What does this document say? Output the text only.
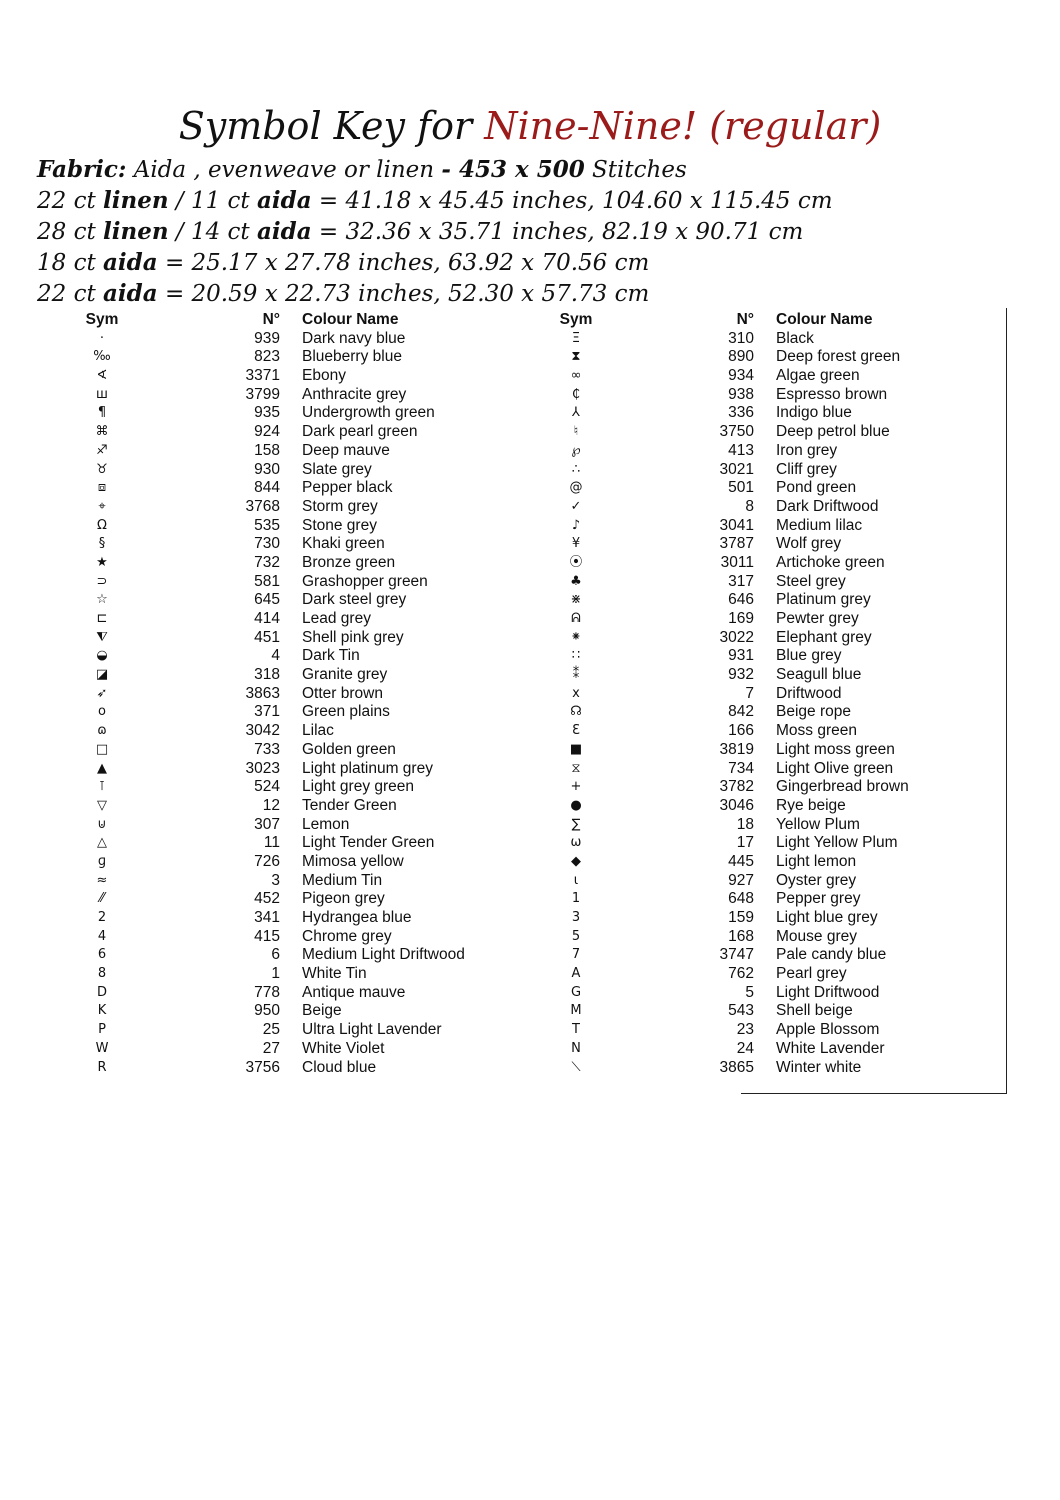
Symbol Key for Nine-Nine! (regular)
Fabric: Aida , evenweave or linen - 453 x 500 Stitches
22 ct linen / 11 ct aida = 41.18 x 45.45 inches, 104.60 x 115.45 cm
28 ct linen / 14 ct aida = 32.36 x 35.71 inches, 82.19 x 90.71 cm
18 ct aida = 25.17 x 27.78 inches, 63.92 x 70.56 cm
22 ct aida = 20.59 x 22.73 inches, 52.30 x 57.73 cm
Sym	N° Colour Name
·	939 Dark navy blue
‰	823 Blueberry blue
∢	3371 Ebony
ш	3799 Anthracite grey
¶	935 Undergrowth green
⌘	924 Dark pearl green
♐	158 Deep mauve
♉	930 Slate grey
⧈	844 Pepper black
⌖	3768 Storm grey
Ω	535 Stone grey
§	730 Khaki green
★	732 Bronze green
⊃	581 Grashopper green
☆	645 Dark steel grey
⊏	414 Lead grey
⧨	451 Shell pink grey
◒	4 Dark Tin
◪	318 Granite grey
➶	3863 Otter brown
o	371 Green plains
ɷ	3042 Lilac
□	733 Golden green
▲	3023 Light platinum grey
⊺	524 Light grey green
▽	12 Tender Green
⊍	307 Lemon
△	11 Light Tender Green
ɡ	726 Mimosa yellow
≈	3 Medium Tin
⁄⁄	452 Pigeon grey
2	341 Hydrangea blue
4	415 Chrome grey
6	6 Medium Light Driftwood
8	1 White Tin
D	778 Antique mauve
K	950 Beige
P	25 Ultra Light Lavender
W	27 White Violet
R	3756 Cloud blue
Sym	N° Colour Name
Ξ	310 Black
⧗	890 Deep forest green
∞	934 Algae green
₵	938 Espresso brown
⅄	336 Indigo blue
♮	3750 Deep petrol blue
℘	413 Iron grey
∴	3021 Cliff grey
@	501 Pond green
✓	8 Dark Driftwood
♪	3041 Medium lilac
¥	3787 Wolf grey
⦿	3011 Artichoke green
♣	317 Steel grey
⋇	646 Platinum grey
ᕱ	169 Pewter grey
⁕	3022 Elephant grey
∷	931 Blue grey
⁑	932 Seagull blue
x	7 Driftwood
☊	842 Beige rope
Ɛ	166 Moss green
■	3819 Light moss green
⧖	734 Light Olive green
+	3782 Gingerbread brown
●	3046 Rye beige
∑	18 Yellow Plum
ω	17 Light Yellow Plum
◆	445 Light lemon
ɩ	927 Oyster grey
1	648 Pepper grey
3	159 Light blue grey
5	168 Mouse grey
7	3747 Pale candy blue
A	762 Pearl grey
G	5 Light Driftwood
M	543 Shell beige
T	23 Apple Blossom
N	24 White Lavender
⟍	3865 Winter white
